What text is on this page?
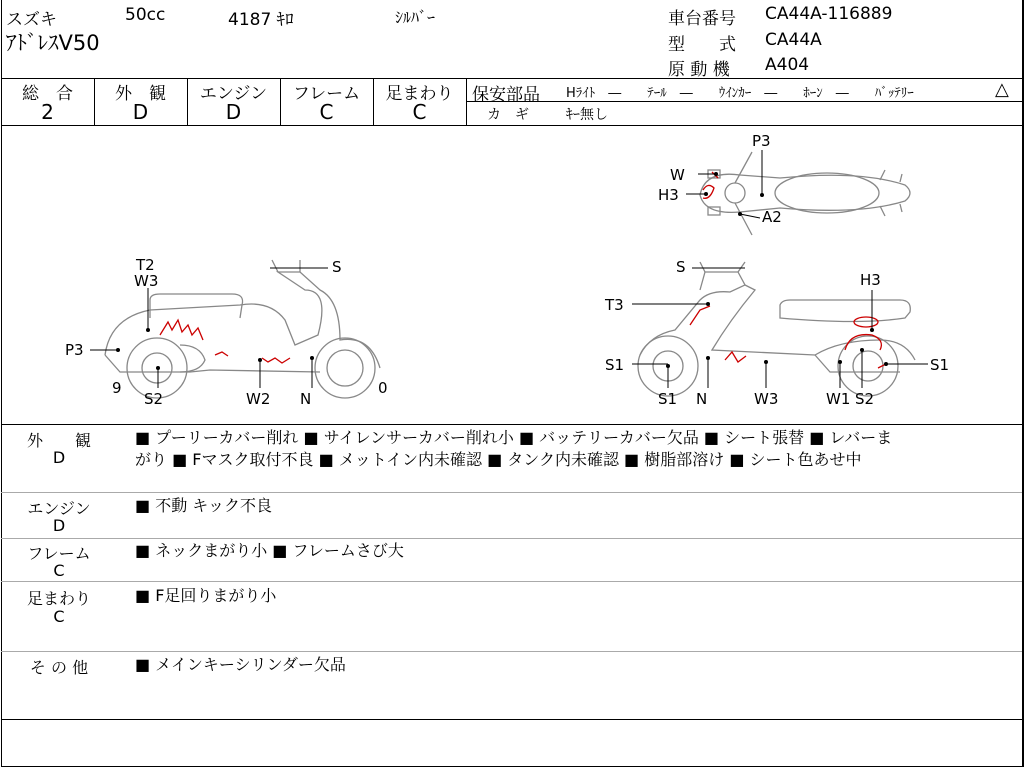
スズキ	50cc	4187 ｷﾛ	ｼﾙﾊﾞｰ
ｱﾄﾞﾚｽV50
車台番号 CA44A-116889
型　　式 CA44A
原 動 機 A404
総　合	外　観	エンジン	フレーム	足まわり
2	D	D	C	C
保安部品 Hﾗｲﾄ　―　　ﾃｰﾙ　―　　ｳｲﾝｶｰ　―　　ﾎｰﾝ　―　　ﾊﾞｯﾃﾘｰ	△
カ　ギ	ｷｰ無し
T2
W3
S
P3
9
S2	W2 N
0
P3
W
H3
A2
S
H3
T3
S1
S1
S1
N	W3	W1 S2
外　　観
D
■ プーリーカバー削れ ■ サイレンサーカバー削れ小 ■ バッテリーカバー欠品 ■ シート張替 ■ レバーま
がり ■ Fマスク取付不良 ■ メットイン内未確認 ■ タンク内未確認 ■ 樹脂部溶け ■ シート色あせ中
エンジン
D
■ 不動 キック不良
フレーム
C
■ ネックまがり小 ■ フレームさび大
足まわり
C
■ F足回りまがり小
そ の 他	■ メインキーシリンダー欠品
